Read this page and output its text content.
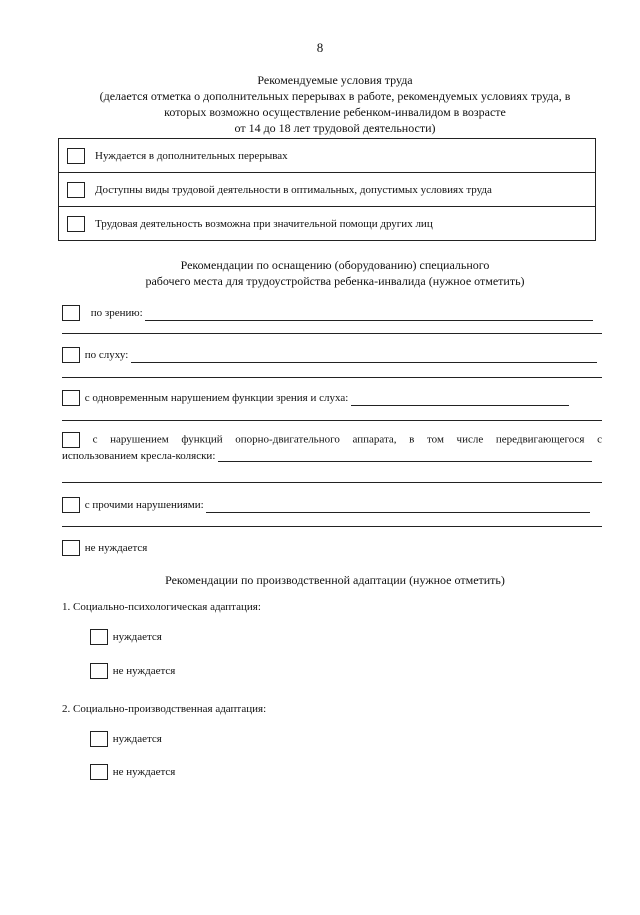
8
Рекомендуемые условия труда
(делается отметка о дополнительных перерывах в работе, рекомендуемых условиях труда, в
которых возможно осуществление ребенком-инвалидом в возрасте
от 14 до 18 лет трудовой деятельности)
	Нуждается в дополнительных перерывах
	Доступны виды трудовой деятельности в оптимальных, допустимых условиях труда
	Трудовая деятельность возможна при значительной помощи других лиц
Рекомендации по оснащению (оборудованию) специального
рабочего места для трудоустройства ребенка-инвалида (нужное отметить)
по зрению:
по слуху:
с одновременным нарушением функции зрения и слуха:
с нарушением функций опорно-двигательного аппарата, в том числе передвигающегося с
использованием кресла-коляски:
с прочими нарушениями:
не нуждается
Рекомендации по производственной адаптации (нужное отметить)
1. Социально-психологическая адаптация:
нуждается
не нуждается
2. Социально-производственная адаптация:
нуждается
не нуждается
